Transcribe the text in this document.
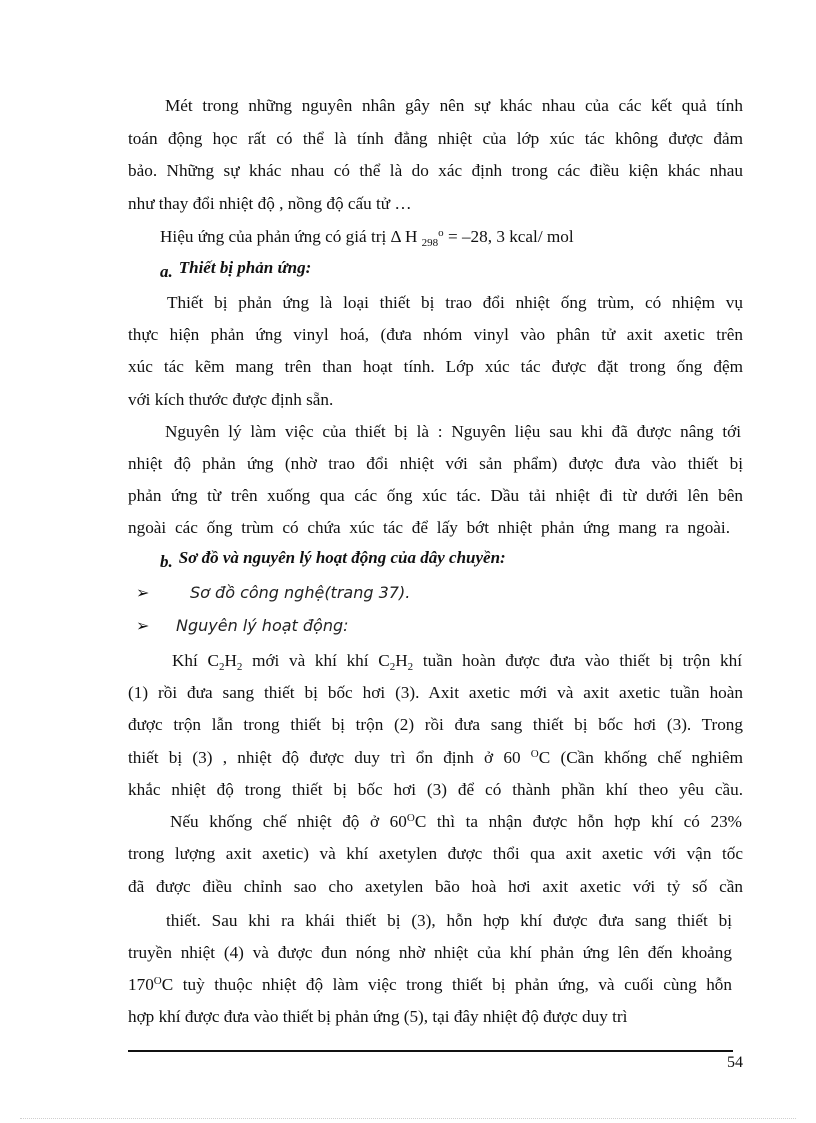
Mét trong những nguyên nhân gây nên sự khác nhau của các kết quả tính
toán động học rất có thể là tính đẳng nhiệt của lớp xúc tác không được đảm
bảo. Những sự khác nhau có thể là do xác định trong các điều kiện khác nhau
như thay đổi nhiệt độ , nồng độ cấu tử …
Hiệu ứng của phản ứng có giá trị Δ H $_{298}^o$ = –28, 3 kcal/ mol
a. Thiết bị phản ứng:
Thiết bị phản ứng là loại thiết bị trao đổi nhiệt ống trùm, có nhiệm vụ
thực hiện phản ứng vinyl hoá, (đưa nhóm vinyl vào phân tử axit axetic trên
xúc tác kẽm mang trên than hoạt tính. Lớp xúc tác được đặt trong ống đệm
với kích thước được định sẵn.
Nguyên lý làm việc của thiết bị là : Nguyên liệu sau khi đã được nâng tới
nhiệt độ phản ứng (nhờ trao đổi nhiệt với sản phẩm) được đưa vào thiết bị
phản ứng từ trên xuống qua các ống xúc tác. Dầu tải nhiệt đi từ dưới lên bên
ngoài các ống trùm có chứa xúc tác để lấy bớt nhiệt phản ứng mang ra ngoài.
b. Sơ đồ và nguyên lý hoạt động của dây chuyền:
➢	Sơ đồ công nghệ(trang 37).
➢ Nguyên lý hoạt động:
Khí $C_2H_2$ mới và khí khí $C_2H_2$ tuần hoàn được đưa vào thiết bị trộn khí
(1) rồi đưa sang thiết bị bốc hơi (3). Axit axetic mới và axit axetic tuần hoàn
được trộn lẫn trong thiết bị trộn (2) rồi đưa sang thiết bị bốc hơi (3). Trong
thiết bị (3) , nhiệt độ được duy trì ổn định ở 60 $^O$C (Cần khống chế nghiêm
khắc nhiệt độ trong thiết bị bốc hơi (3) để có thành phần khí theo yêu cầu.
Nếu khống chế nhiệt độ ở $60^OC$ thì ta nhận được hỗn hợp khí có 23%
trong lượng axit axetic) và khí axetylen được thổi qua axit axetic với vận tốc
đã được điều chỉnh sao cho axetylen bão hoà hơi axit axetic với tỷ số cần
thiết. Sau khi ra khái thiết bị (3), hỗn hợp khí được đưa sang thiết bị
truyền nhiệt (4) và được đun nóng nhờ nhiệt của khí phản ứng lên đến khoảng
$170^OC$ tuỳ thuộc nhiệt độ làm việc trong thiết bị phản ứng, và cuối cùng hỗn
hợp khí được đưa vào thiết bị phản ứng (5), tại đây nhiệt độ được duy trì
54
